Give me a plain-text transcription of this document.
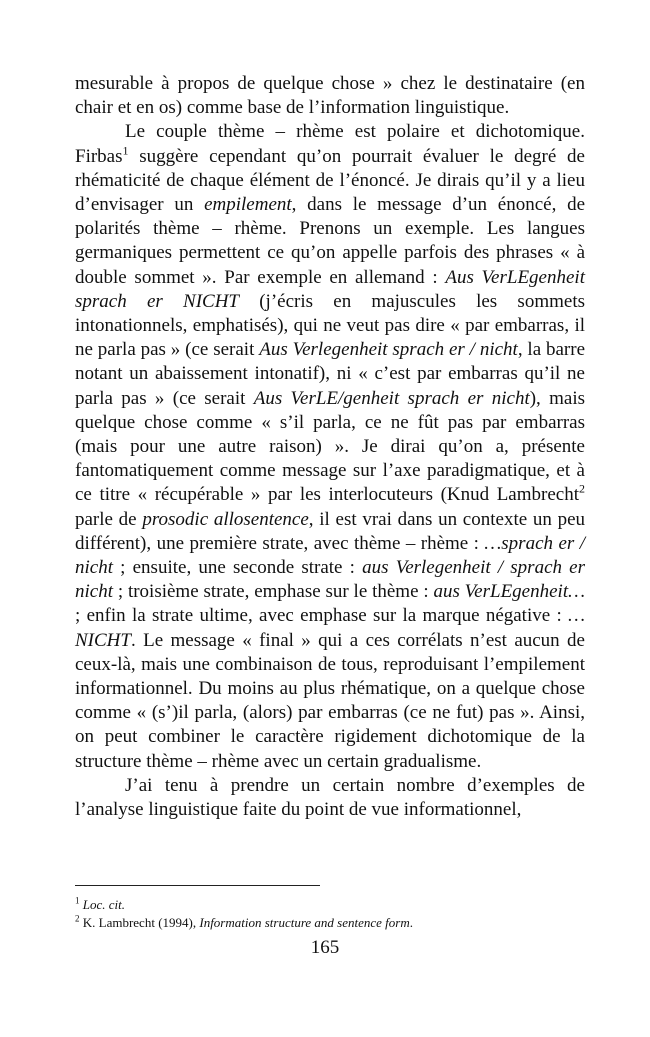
mesurable à propos de quelque chose » chez le destinataire (en chair et en os) comme base de l’information linguistique.

Le couple thème – rhème est polaire et dichotomique. Firbas$^1$ suggère cependant qu’on pourrait évaluer le degré de rhématicité de chaque élément de l’énoncé. Je dirais qu’il y a lieu d’envisager un empilement, dans le message d’un énoncé, de polarités thème – rhème. Prenons un exemple. Les langues germaniques permettent ce qu’on appelle parfois des phrases « à double sommet ». Par exemple en allemand : Aus VerLEgenheit sprach er NICHT (j’écris en majuscules les sommets intonationnels, emphatisés), qui ne veut pas dire « par embarras, il ne parla pas » (ce serait Aus Verlegenheit sprach er / nicht, la barre notant un abaissement intonatif), ni « c’est par embarras qu’il ne parla pas » (ce serait Aus VerLE/genheit sprach er nicht), mais quelque chose comme « s’il parla, ce ne fût pas par embarras (mais pour une autre raison) ». Je dirai qu’on a, présente fantomatiquement comme message sur l’axe paradigmatique, et à ce titre « récupérable » par les interlocuteurs (Knud Lambrecht$^2$ parle de prosodic allosentence, il est vrai dans un contexte un peu différent), une première strate, avec thème – rhème : …sprach er / nicht ; ensuite, une seconde strate : aus Verlegenheit / sprach er nicht ; troisième strate, emphase sur le thème : aus VerLEgenheit… ; enfin la strate ultime, avec emphase sur la marque négative : …NICHT. Le message « final » qui a ces corrélats n’est aucun de ceux-là, mais une combinaison de tous, reproduisant l’empilement informationnel. Du moins au plus rhématique, on a quelque chose comme « (s’)il parla, (alors) par embarras (ce ne fut) pas ». Ainsi, on peut combiner le caractère rigidement dichotomique de la structure thème – rhème avec un certain gradualisme.

J’ai tenu à prendre un certain nombre d’exemples de l’analyse linguistique faite du point de vue informationnel,

$^1$ Loc. cit.

$^2$ K. Lambrecht (1994), Information structure and sentence form.

165
